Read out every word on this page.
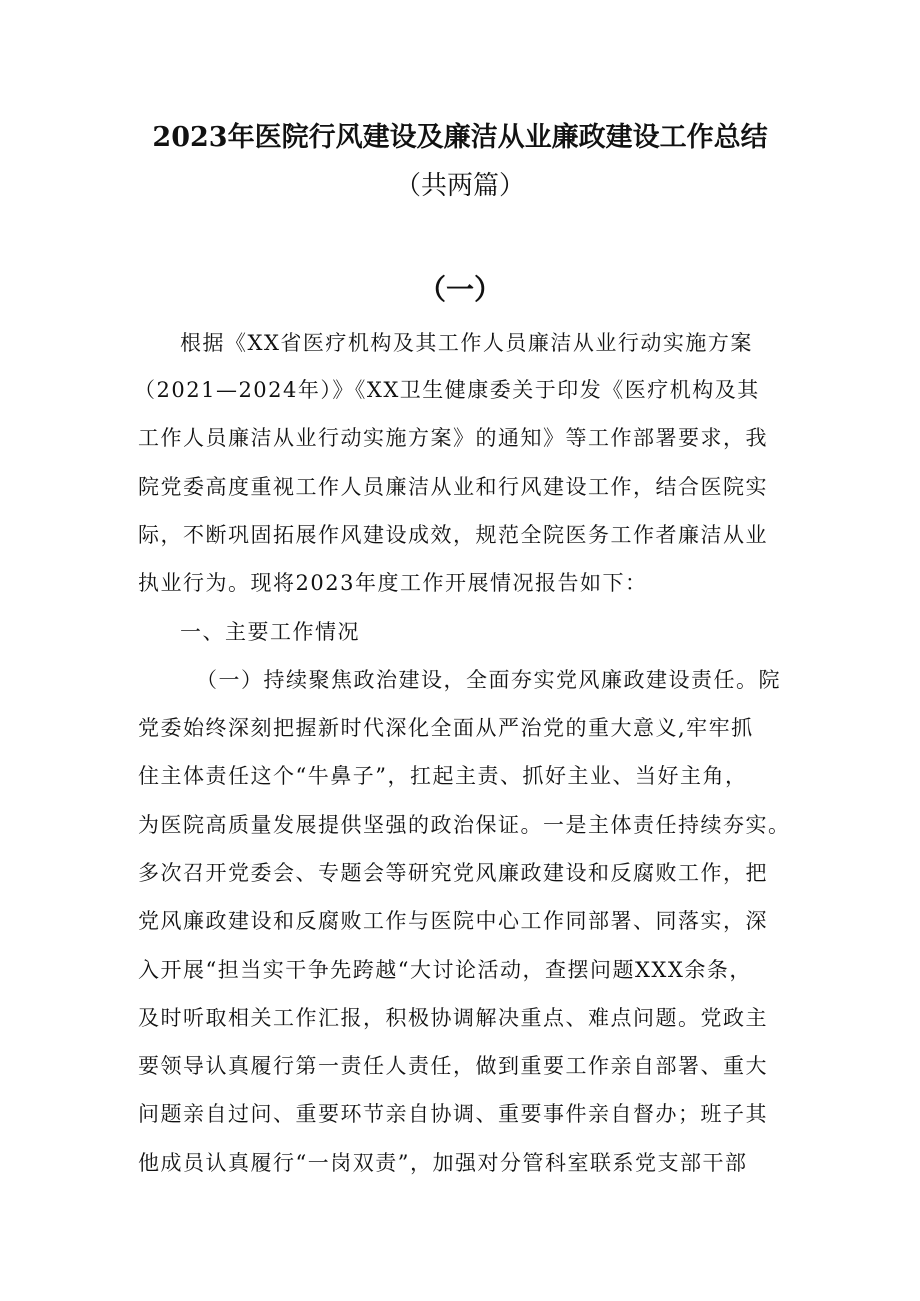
2023年医院行风建设及廉洁从业廉政建设工作总结
（共两篇）
（一）
根据《XX省医疗机构及其工作人员廉洁从业行动实施方案
（2021—2024年）》《XX卫生健康委关于印发《医疗机构及其
工作人员廉洁从业行动实施方案》的通知》等工作部署要求，我
院党委高度重视工作人员廉洁从业和行风建设工作，结合医院实
际，不断巩固拓展作风建设成效，规范全院医务工作者廉洁从业
执业行为。现将2023年度工作开展情况报告如下：
一、主要工作情况
（一）持续聚焦政治建设，全面夯实党风廉政建设责任。院
党委始终深刻把握新时代深化全面从严治党的重大意义,牢牢抓
住主体责任这个“牛鼻子”，扛起主责、抓好主业、当好主角，
为医院高质量发展提供坚强的政治保证。一是主体责任持续夯实。
多次召开党委会、专题会等研究党风廉政建设和反腐败工作，把
党风廉政建设和反腐败工作与医院中心工作同部署、同落实，深
入开展“担当实干争先跨越“大讨论活动，查摆问题XXX余条，
及时听取相关工作汇报，积极协调解决重点、难点问题。党政主
要领导认真履行第一责任人责任，做到重要工作亲自部署、重大
问题亲自过问、重要环节亲自协调、重要事件亲自督办；班子其
他成员认真履行“一岗双责”，加强对分管科室联系党支部干部
